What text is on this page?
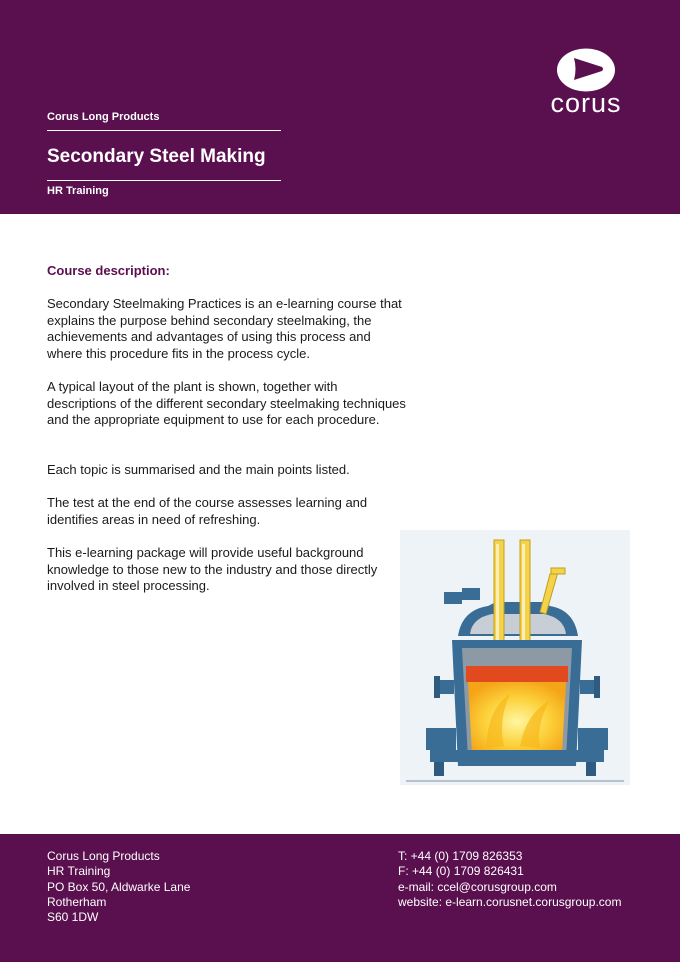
Corus Long Products
Secondary Steel Making
HR Training
corus
Course description:

Secondary Steelmaking Practices is an e-learning course that explains the purpose behind secondary steelmaking, the achievements and advantages of using this process and where this procedure fits in the process cycle.

A typical layout of the plant is shown, together with descriptions of the different secondary steelmaking techniques and the appropriate equipment to use for each procedure.

Each topic is summarised and the main points listed.

The test at the end of the course assesses learning and identifies areas in need of refreshing.

This e-learning package will provide useful background knowledge to those new to the industry and those directly involved in steel processing.

Corus Long Products
HR Training
PO Box 50, Aldwarke Lane
Rotherham
S60 1DW
T: +44 (0) 1709 826353
F: +44 (0) 1709 826431
e-mail: ccel@corusgroup.com
website: e-learn.corusnet.corusgroup.com
